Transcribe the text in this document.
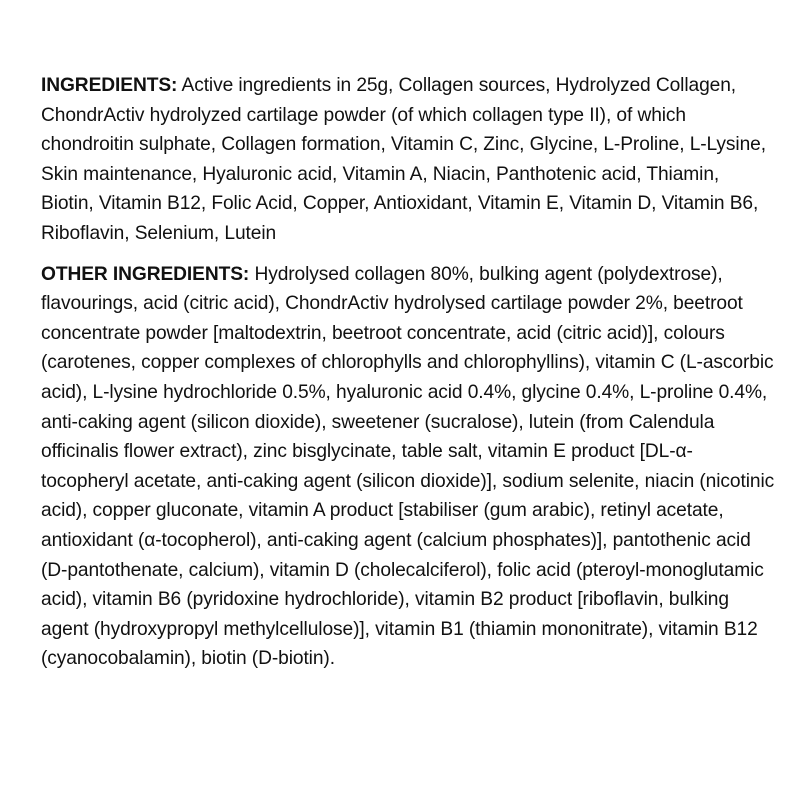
INGREDIENTS: Active ingredients in 25g, Collagen sources, Hydrolyzed Collagen, ChondrActiv hydrolyzed cartilage powder (of which collagen type II), of which chondroitin sulphate, Collagen formation, Vitamin C, Zinc, Glycine, L-Proline, L-Lysine, Skin maintenance, Hyaluronic acid, Vitamin A, Niacin, Panthotenic acid, Thiamin, Biotin, Vitamin B12, Folic Acid, Copper, Antioxidant, Vitamin E, Vitamin D, Vitamin B6, Riboflavin, Selenium, Lutein

OTHER INGREDIENTS: Hydrolysed collagen 80%, bulking agent (polydextrose), flavourings, acid (citric acid), ChondrActiv hydrolysed cartilage powder 2%, beetroot concentrate powder [maltodextrin, beetroot concentrate, acid (citric acid)], colours (carotenes, copper complexes of chlorophylls and chlorophyllins), vitamin C (L-ascorbic acid), L-lysine hydrochloride 0.5%, hyaluronic acid 0.4%, glycine 0.4%, L-proline 0.4%, anti-caking agent (silicon dioxide), sweetener (sucralose), lutein (from Calendula officinalis flower extract), zinc bisglycinate, table salt, vitamin E product [DL-α-tocopheryl acetate, anti-caking agent (silicon dioxide)], sodium selenite, niacin (nicotinic acid), copper gluconate, vitamin A product [stabiliser (gum arabic), retinyl acetate, antioxidant (α-tocopherol), anti-caking agent (calcium phosphates)], pantothenic acid (D-pantothenate, calcium), vitamin D (cholecalciferol), folic acid (pteroyl-monoglutamic acid), vitamin B6 (pyridoxine hydrochloride), vitamin B2 product [riboflavin, bulking agent (hydroxypropyl methylcellulose)], vitamin B1 (thiamin mononitrate), vitamin B12 (cyanocobalamin), biotin (D-biotin).
